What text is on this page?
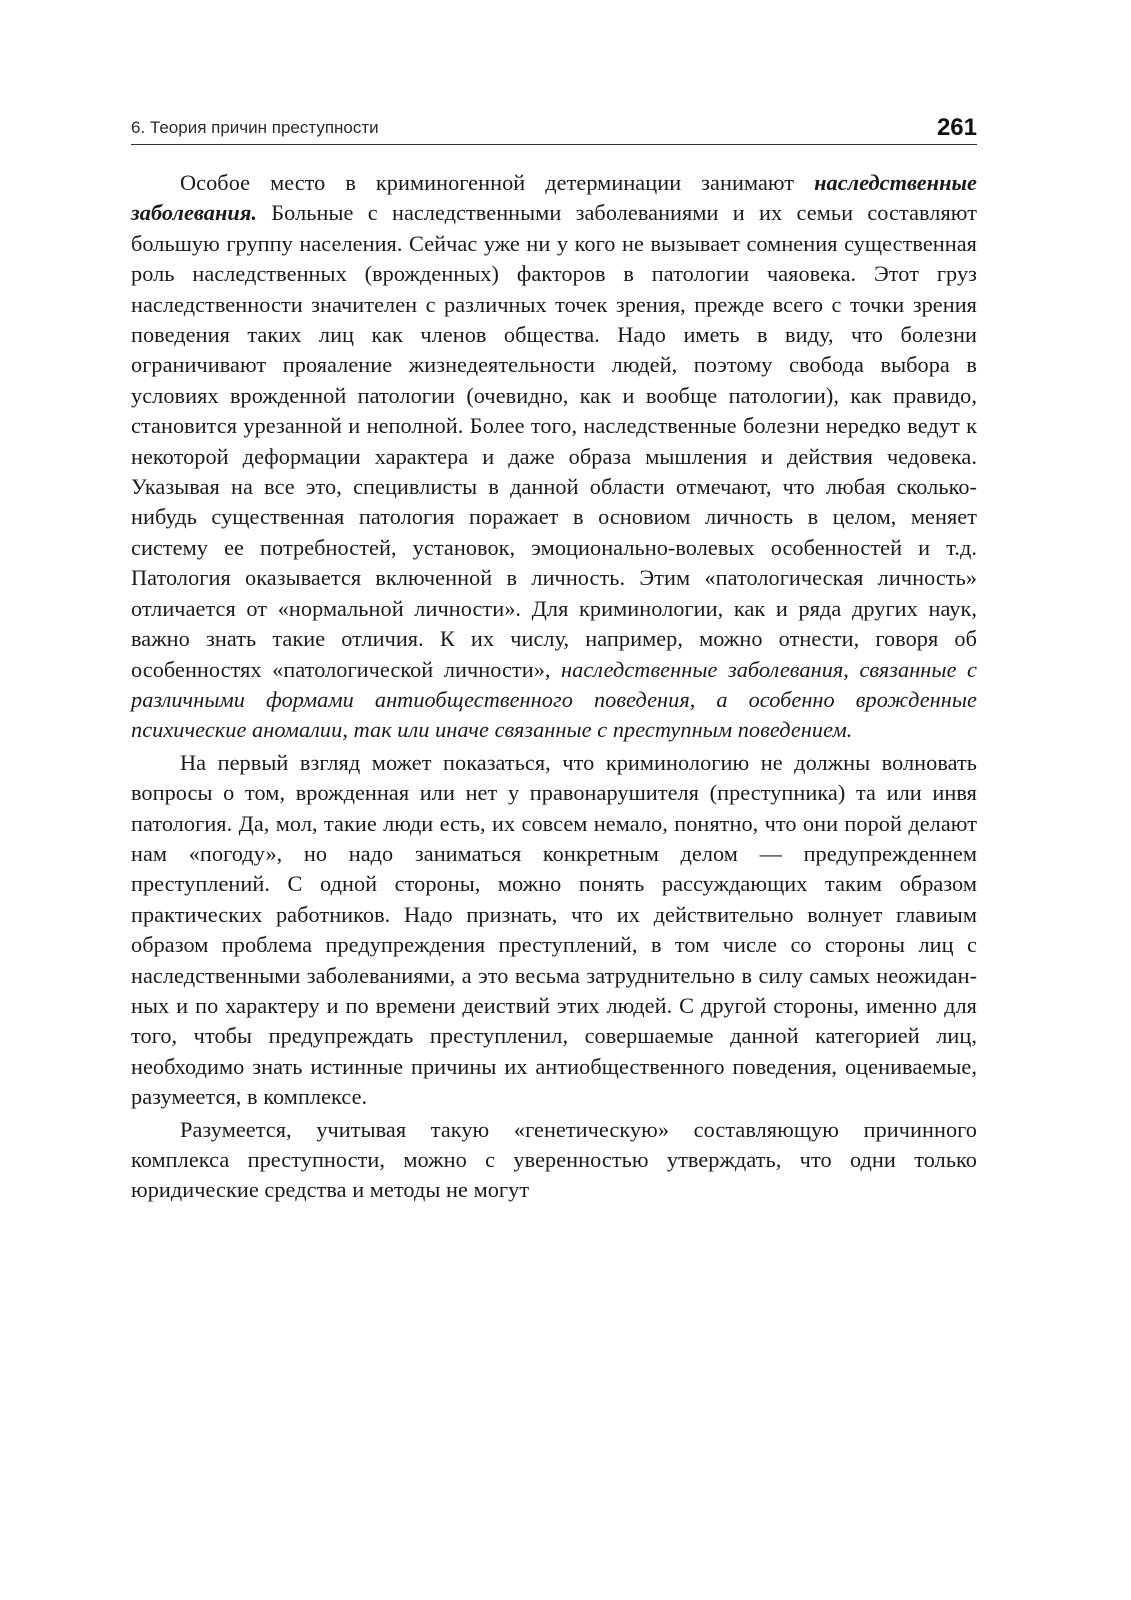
6. Теория причин преступности	261

Особое место в криминогенной детерминации занимают наследственные заболевания. Больные с наследственными заболеваниями и их семьи составляют большую группу населения. Сейчас уже ни у кого не вызывает сомнения существенная роль наследственных (врожденных) факторов в патологии чаяовека. Этот груз наследственности значителен с различных точек зрения, прежде всего с точки зрения поведения таких лиц как членов общества. Надо иметь в виду, что болезни ограничивают прояаление жизнедеятельности людей, поэтому свобода выбора в условиях врожденной патологии (очевидно, как и вообще патологии), как правидо, становится урезанной и неполной. Более того, наследственные болезни нередко ведут к некоторой деформации характера и даже образа мышления и действия чедовека. Указывая на все это, специвлисты в данной области отмечают, что любая сколько-нибудь существенная патология поражает в основиом личность в целом, меняет систему ее потребностей, установок, эмоционально-волевых особенностей и т.д. Патология оказывается включенной в личность. Этим «патологическая личность» отличается от «нормальной личности». Для криминологии, как и ряда других наук, важно знать такие отличия. К их числу, например, можно отнести, говоря об особенностях «патологической личности», наследственные заболевания, связанные с различными формами антиобщественного поведения, а особенно врожденные психические аномалии, так или иначе связанные с преступным поведением.

На первый взгляд может показаться, что криминологию не должны волновать вопросы о том, врожденная или нет у правонарушителя (преступника) та или инвя патология. Да, мол, такие люди есть, их совсем немало, понятно, что они порой делают нам «погоду», но надо заниматься конкретным делом — предупрежденнем преступлений. С одной стороны, можно понять рассуждающих таким образом практических работников. Надо признать, что их действительно волнует главиым образом проблема предупреждения преступлений, в том числе со стороны лиц с наследственными заболеваниями, а это весьма затруднительно в силу самых неожиданных и по характеру и по времени деиствий этих людей. С другой стороны, именно для того, чтобы предупреждать преступленил, совершаемые данной категорией лиц, необходимо знать истинные причины их антиобщественного поведения, оцениваемые, разумеется, в комплексе.

Разумеется, учитывая такую «генетическую» составляющую причинного комплекса преступности, можно с уверенностью утверждать, что одни только юридические средства и методы не могут
